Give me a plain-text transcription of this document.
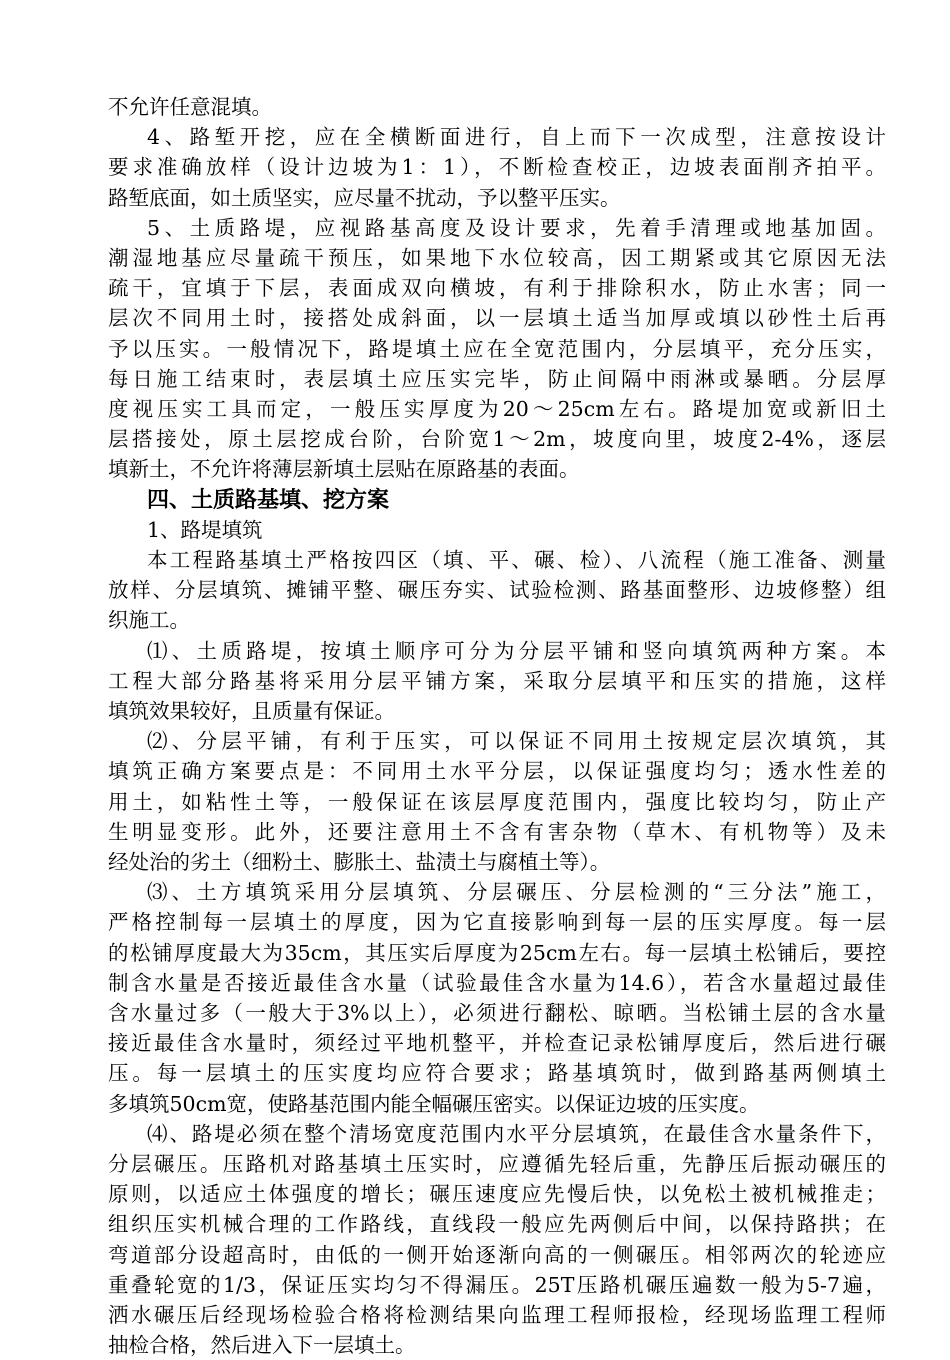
不允许任意混填。
4、路堑开挖，应在全横断面进行，自上而下一次成型，注意按设计
要求准确放样（设计边坡为1：1），不断检查校正，边坡表面削齐拍平。
路堑底面，如土质坚实，应尽量不扰动，予以整平压实。
5、土质路堤，应视路基高度及设计要求，先着手清理或地基加固。
潮湿地基应尽量疏干预压，如果地下水位较高，因工期紧或其它原因无法
疏干，宜填于下层，表面成双向横坡，有利于排除积水，防止水害；同一
层次不同用土时，接搭处成斜面，以一层填土适当加厚或填以砂性土后再
予以压实。一般情况下，路堤填土应在全宽范围内，分层填平，充分压实，
每日施工结束时，表层填土应压实完毕，防止间隔中雨淋或暴晒。分层厚
度视压实工具而定，一般压实厚度为20～25cm左右。路堤加宽或新旧土
层搭接处，原土层挖成台阶，台阶宽1～2m，坡度向里，坡度2-4%，逐层
填新土，不允许将薄层新填土层贴在原路基的表面。
四、土质路基填、挖方案
1、路堤填筑
本工程路基填土严格按四区（填、平、碾、检）、八流程（施工准备、测量
放样、分层填筑、摊铺平整、碾压夯实、试验检测、路基面整形、边坡修整）组
织施工。
⑴、土质路堤，按填土顺序可分为分层平铺和竖向填筑两种方案。本
工程大部分路基将采用分层平铺方案，采取分层填平和压实的措施，这样
填筑效果较好，且质量有保证。
⑵、分层平铺，有利于压实，可以保证不同用土按规定层次填筑，其
填筑正确方案要点是：不同用土水平分层，以保证强度均匀；透水性差的
用土，如粘性土等，一般保证在该层厚度范围内，强度比较均匀，防止产
生明显变形。此外，还要注意用土不含有害杂物（草木、有机物等）及未
经处治的劣土（细粉土、膨胀土、盐渍土与腐植土等）。
⑶、土方填筑采用分层填筑、分层碾压、分层检测的“三分法”施工，
严格控制每一层填土的厚度，因为它直接影响到每一层的压实厚度。每一层
的松铺厚度最大为35cm，其压实后厚度为25cm左右。每一层填土松铺后，要控
制含水量是否接近最佳含水量（试验最佳含水量为14.6），若含水量超过最佳
含水量过多（一般大于3%以上），必须进行翻松、晾晒。当松铺土层的含水量
接近最佳含水量时，须经过平地机整平，并检查记录松铺厚度后，然后进行碾
压。每一层填土的压实度均应符合要求；路基填筑时，做到路基两侧填土
多填筑50cm宽，使路基范围内能全幅碾压密实。以保证边坡的压实度。
⑷、路堤必须在整个清场宽度范围内水平分层填筑，在最佳含水量条件下，
分层碾压。压路机对路基填土压实时，应遵循先轻后重，先静压后振动碾压的
原则，以适应土体强度的增长；碾压速度应先慢后快，以免松土被机械推走；
组织压实机械合理的工作路线，直线段一般应先两侧后中间，以保持路拱；在
弯道部分设超高时，由低的一侧开始逐渐向高的一侧碾压。相邻两次的轮迹应
重叠轮宽的1/3，保证压实均匀不得漏压。25T压路机碾压遍数一般为5-7遍，
洒水碾压后经现场检验合格将检测结果向监理工程师报检，经现场监理工程师
抽检合格，然后进入下一层填土。
